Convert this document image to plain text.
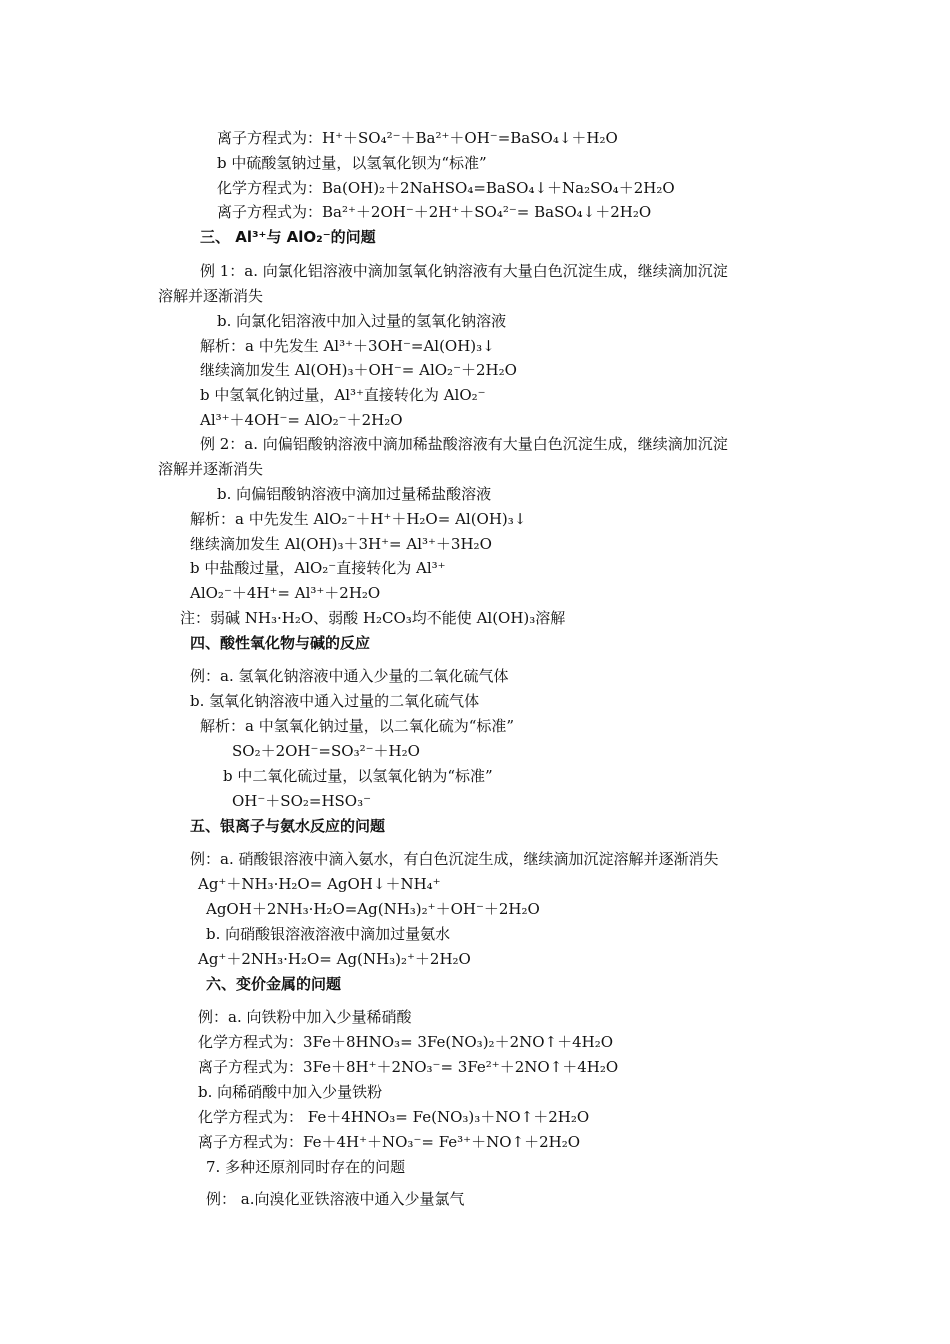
离子方程式为：H⁺＋SO₄²⁻＋Ba²⁺＋OH⁻=BaSO₄↓＋H₂O
b 中硫酸氢钠过量，以氢氧化钡为“标准”
化学方程式为：Ba(OH)₂＋2NaHSO₄=BaSO₄↓＋Na₂SO₄＋2H₂O
离子方程式为：Ba²⁺＋2OH⁻＋2H⁺＋SO₄²⁻= BaSO₄↓＋2H₂O
三、 Al³⁺与 AlO₂⁻的问题
例 1：a. 向氯化铝溶液中滴加氢氧化钠溶液有大量白色沉淀生成，继续滴加沉淀
溶解并逐渐消失
b. 向氯化铝溶液中加入过量的氢氧化钠溶液
解析：a 中先发生 Al³⁺＋3OH⁻=Al(OH)₃↓
继续滴加发生 Al(OH)₃＋OH⁻= AlO₂⁻＋2H₂O
b 中氢氧化钠过量，Al³⁺直接转化为 AlO₂⁻
Al³⁺＋4OH⁻= AlO₂⁻＋2H₂O
例 2：a. 向偏铝酸钠溶液中滴加稀盐酸溶液有大量白色沉淀生成，继续滴加沉淀
溶解并逐渐消失
b. 向偏铝酸钠溶液中滴加过量稀盐酸溶液
解析：a 中先发生 AlO₂⁻＋H⁺＋H₂O= Al(OH)₃↓
继续滴加发生 Al(OH)₃＋3H⁺= Al³⁺＋3H₂O
b 中盐酸过量，AlO₂⁻直接转化为 Al³⁺
AlO₂⁻＋4H⁺= Al³⁺＋2H₂O
注：弱碱 NH₃·H₂O、弱酸 H₂CO₃均不能使 Al(OH)₃溶解
四、酸性氧化物与碱的反应
例：a. 氢氧化钠溶液中通入少量的二氧化硫气体
b. 氢氧化钠溶液中通入过量的二氧化硫气体
解析：a 中氢氧化钠过量，以二氧化硫为“标准”
SO₂＋2OH⁻=SO₃²⁻＋H₂O
b 中二氧化硫过量，以氢氧化钠为“标准”
OH⁻＋SO₂=HSO₃⁻
五、银离子与氨水反应的问题
例：a. 硝酸银溶液中滴入氨水，有白色沉淀生成，继续滴加沉淀溶解并逐渐消失
Ag⁺＋NH₃·H₂O= AgOH↓＋NH₄⁺
AgOH＋2NH₃·H₂O=Ag(NH₃)₂⁺＋OH⁻＋2H₂O
b. 向硝酸银溶液溶液中滴加过量氨水
Ag⁺＋2NH₃·H₂O= Ag(NH₃)₂⁺＋2H₂O
六、变价金属的问题
例：a. 向铁粉中加入少量稀硝酸
化学方程式为：3Fe＋8HNO₃= 3Fe(NO₃)₂＋2NO↑＋4H₂O
离子方程式为：3Fe＋8H⁺＋2NO₃⁻= 3Fe²⁺＋2NO↑＋4H₂O
b. 向稀硝酸中加入少量铁粉
化学方程式为： Fe＋4HNO₃= Fe(NO₃)₃＋NO↑＋2H₂O
离子方程式为：Fe＋4H⁺＋NO₃⁻= Fe³⁺＋NO↑＋2H₂O
7. 多种还原剂同时存在的问题
例： a.向溴化亚铁溶液中通入少量氯气
